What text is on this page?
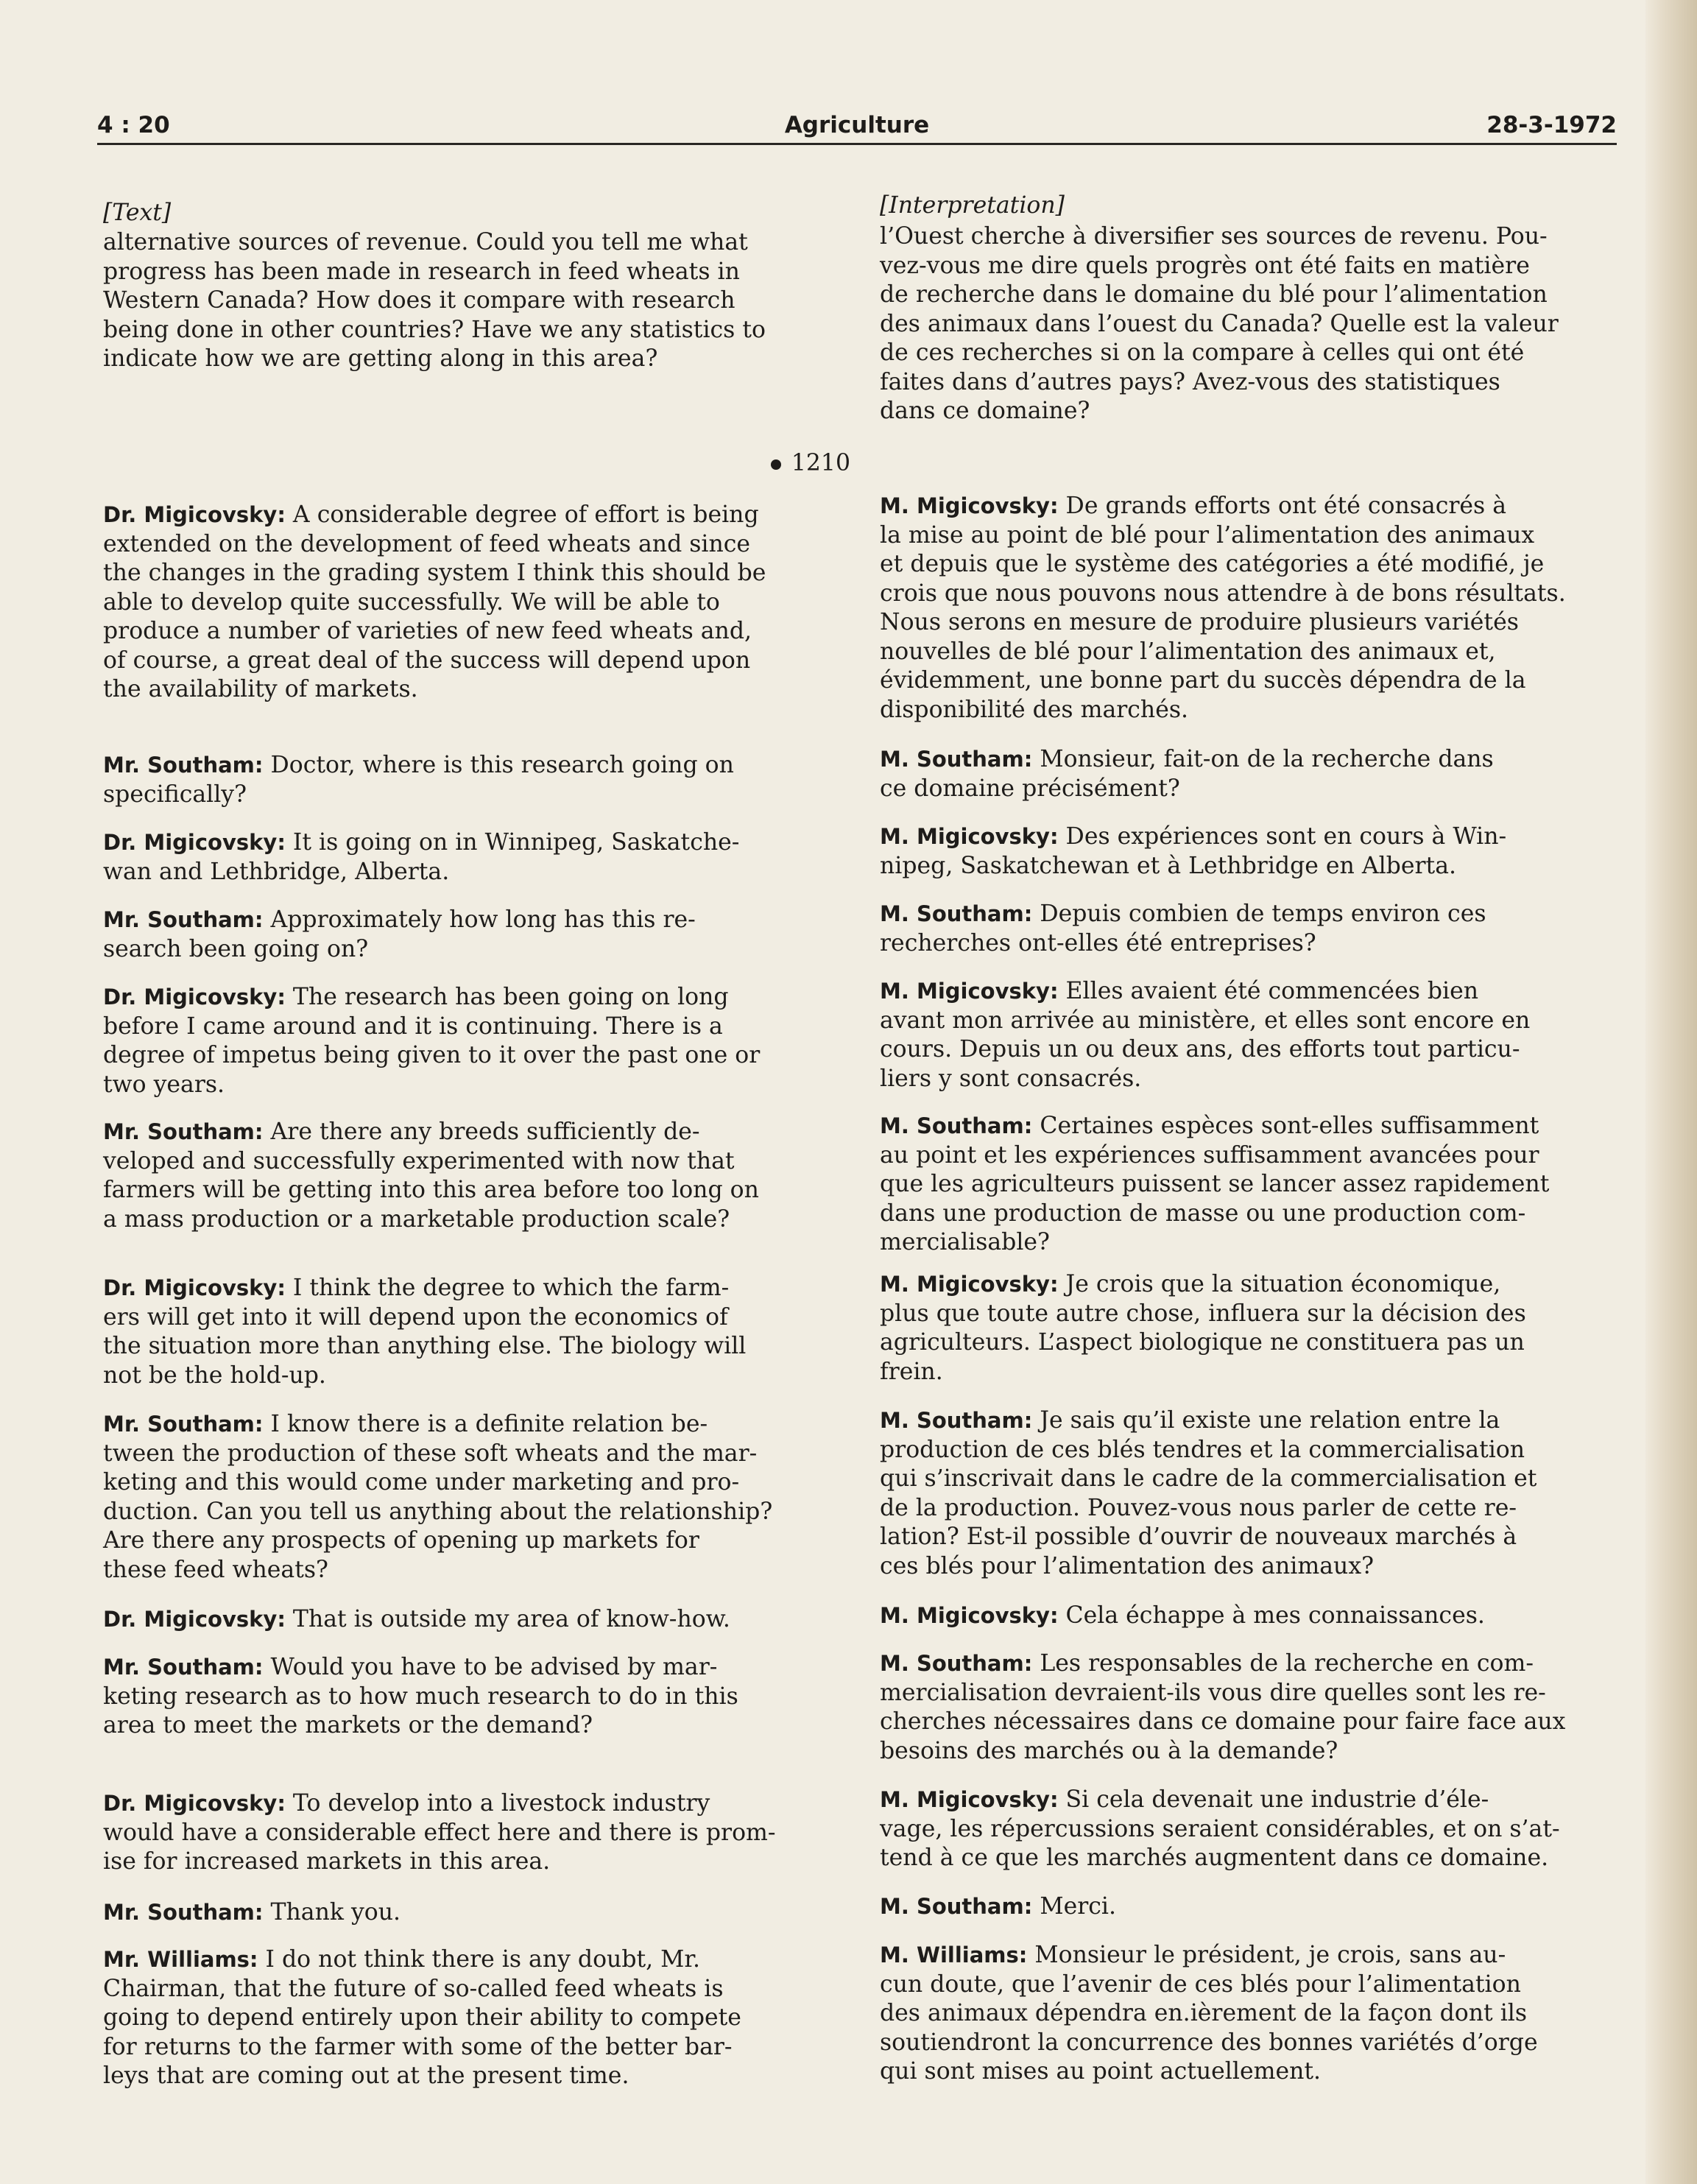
4 : 20	Agriculture	28-3-1972
[Text]
alternative sources of revenue. Could you tell me what
progress has been made in research in feed wheats in
Western Canada? How does it compare with research
being done in other countries? Have we any statistics to
indicate how we are getting along in this area?
1210
Dr. Migicovsky: A considerable degree of effort is being
extended on the development of feed wheats and since
the changes in the grading system I think this should be
able to develop quite successfully. We will be able to
produce a number of varieties of new feed wheats and,
of course, a great deal of the success will depend upon
the availability of markets.
Mr. Southam: Doctor, where is this research going on
specifically?
Dr. Migicovsky: It is going on in Winnipeg, Saskatche-
wan and Lethbridge, Alberta.
Mr. Southam: Approximately how long has this re-
search been going on?
Dr. Migicovsky: The research has been going on long
before I came around and it is continuing. There is a
degree of impetus being given to it over the past one or
two years.
Mr. Southam: Are there any breeds sufficiently de-
veloped and successfully experimented with now that
farmers will be getting into this area before too long on
a mass production or a marketable production scale?
Dr. Migicovsky: I think the degree to which the farm-
ers will get into it will depend upon the economics of
the situation more than anything else. The biology will
not be the hold-up.
Mr. Southam: I know there is a definite relation be-
tween the production of these soft wheats and the mar-
keting and this would come under marketing and pro-
duction. Can you tell us anything about the relationship?
Are there any prospects of opening up markets for
these feed wheats?
Dr. Migicovsky: That is outside my area of know-how.
Mr. Southam: Would you have to be advised by mar-
keting research as to how much research to do in this
area to meet the markets or the demand?
Dr. Migicovsky: To develop into a livestock industry
would have a considerable effect here and there is prom-
ise for increased markets in this area.
Mr. Southam: Thank you.
Mr. Williams: I do not think there is any doubt, Mr.
Chairman, that the future of so-called feed wheats is
going to depend entirely upon their ability to compete
for returns to the farmer with some of the better bar-
leys that are coming out at the present time.
[Interpretation]
l’Ouest cherche à diversifier ses sources de revenu. Pou-
vez-vous me dire quels progrès ont été faits en matière
de recherche dans le domaine du blé pour l’alimentation
des animaux dans l’ouest du Canada? Quelle est la valeur
de ces recherches si on la compare à celles qui ont été
faites dans d’autres pays? Avez-vous des statistiques
dans ce domaine?
M. Migicovsky: De grands efforts ont été consacrés à
la mise au point de blé pour l’alimentation des animaux
et depuis que le système des catégories a été modifié, je
crois que nous pouvons nous attendre à de bons résultats.
Nous serons en mesure de produire plusieurs variétés
nouvelles de blé pour l’alimentation des animaux et,
évidemment, une bonne part du succès dépendra de la
disponibilité des marchés.
M. Southam: Monsieur, fait-on de la recherche dans
ce domaine précisément?
M. Migicovsky: Des expériences sont en cours à Win-
nipeg, Saskatchewan et à Lethbridge en Alberta.
M. Southam: Depuis combien de temps environ ces
recherches ont-elles été entreprises?
M. Migicovsky: Elles avaient été commencées bien
avant mon arrivée au ministère, et elles sont encore en
cours. Depuis un ou deux ans, des efforts tout particu-
liers y sont consacrés.
M. Southam: Certaines espèces sont-elles suffisamment
au point et les expériences suffisamment avancées pour
que les agriculteurs puissent se lancer assez rapidement
dans une production de masse ou une production com-
mercialisable?
M. Migicovsky: Je crois que la situation économique,
plus que toute autre chose, influera sur la décision des
agriculteurs. L’aspect biologique ne constituera pas un
frein.
M. Southam: Je sais qu’il existe une relation entre la
production de ces blés tendres et la commercialisation
qui s’inscrivait dans le cadre de la commercialisation et
de la production. Pouvez-vous nous parler de cette re-
lation? Est-il possible d’ouvrir de nouveaux marchés à
ces blés pour l’alimentation des animaux?
M. Migicovsky: Cela échappe à mes connaissances.
M. Southam: Les responsables de la recherche en com-
mercialisation devraient-ils vous dire quelles sont les re-
cherches nécessaires dans ce domaine pour faire face aux
besoins des marchés ou à la demande?
M. Migicovsky: Si cela devenait une industrie d’éle-
vage, les répercussions seraient considérables, et on s’at-
tend à ce que les marchés augmentent dans ce domaine.
M. Southam: Merci.
M. Williams: Monsieur le président, je crois, sans au-
cun doute, que l’avenir de ces blés pour l’alimentation
des animaux dépendra en.ièrement de la façon dont ils
soutiendront la concurrence des bonnes variétés d’orge
qui sont mises au point actuellement.
